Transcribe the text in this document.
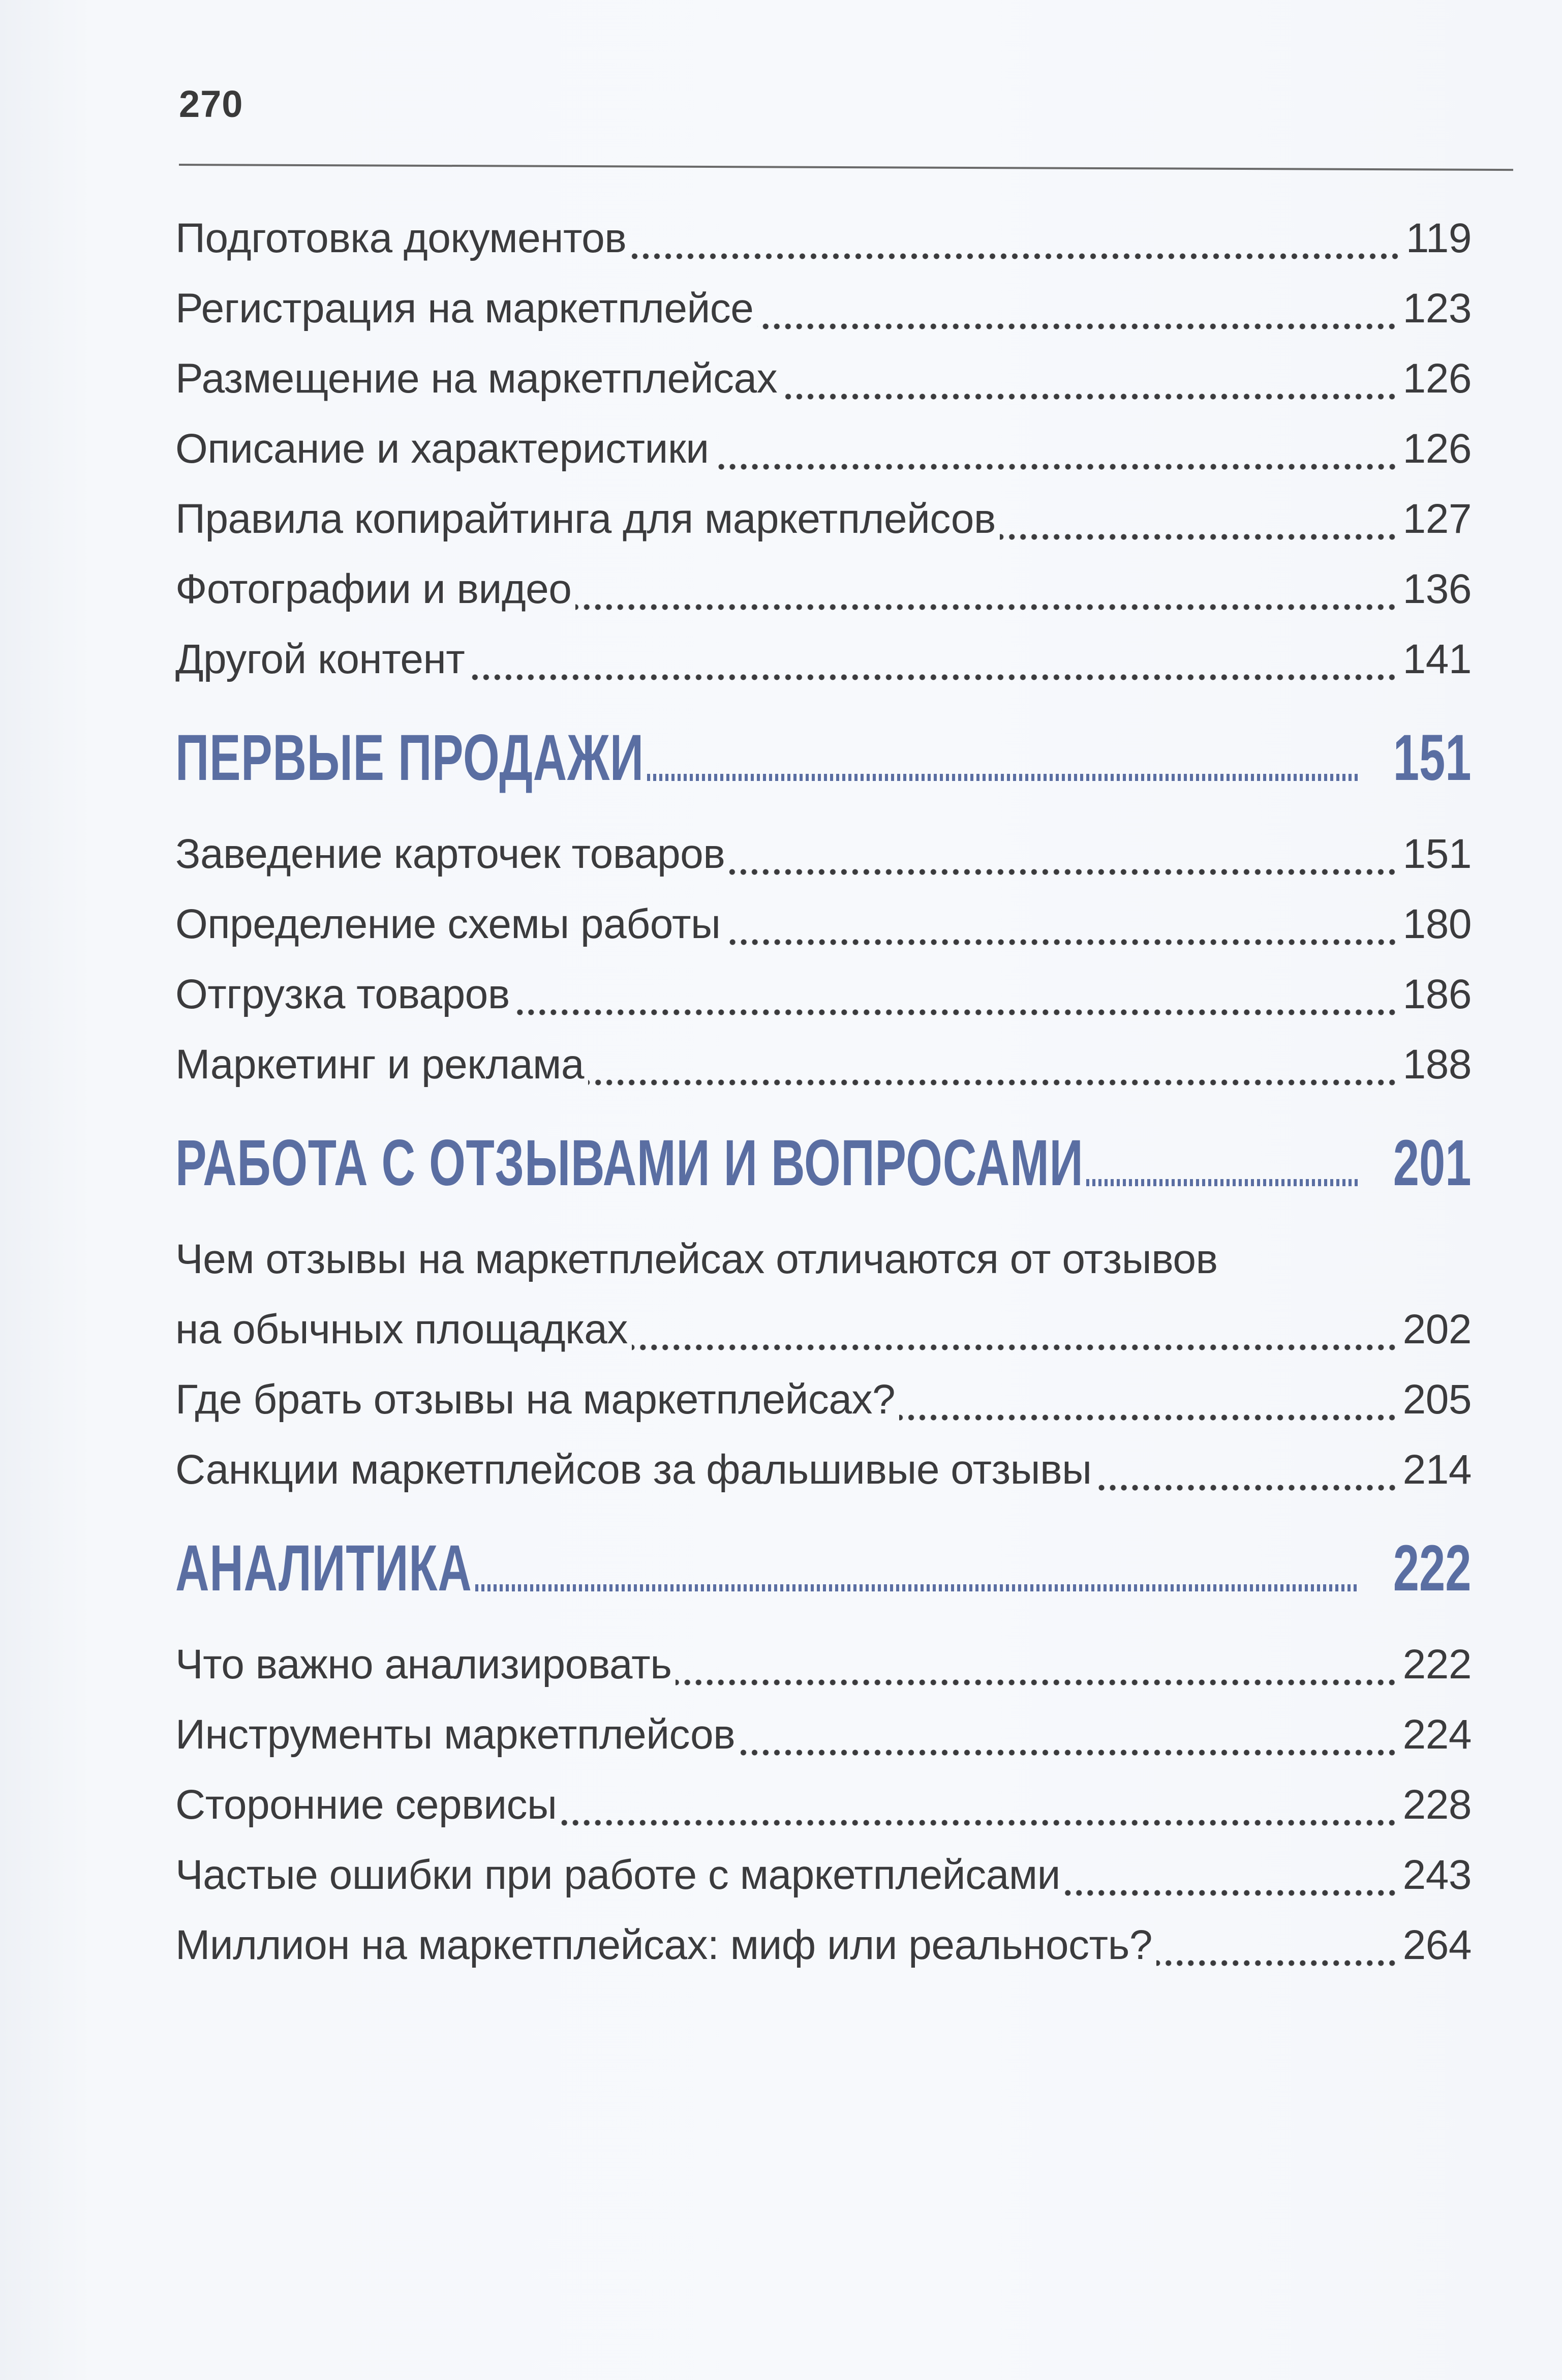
270
Подготовка документов	119
Регистрация на маркетплейсе	123
Размещение на маркетплейсах	126
Описание и характеристики	126
Правила копирайтинга для маркетплейсов	127
Фотографии и видео	136
Другой контент	141
ПЕРВЫЕ ПРОДАЖИ	151
Заведение карточек товаров	151
Определение схемы работы	180
Отгрузка товаров	186
Маркетинг и реклама	188
РАБОТА С ОТЗЫВАМИ И ВОПРОСАМИ	201
Чем отзывы на маркетплейсах отличаются от отзывов
на обычных площадках	202
Где брать отзывы на маркетплейсах?	205
Санкции маркетплейсов за фальшивые отзывы	214
АНАЛИТИКА	222
Что важно анализировать	222
Инструменты маркетплейсов	224
Сторонние сервисы	228
Частые ошибки при работе с маркетплейсами	243
Миллион на маркетплейсах: миф или реальность?	264
